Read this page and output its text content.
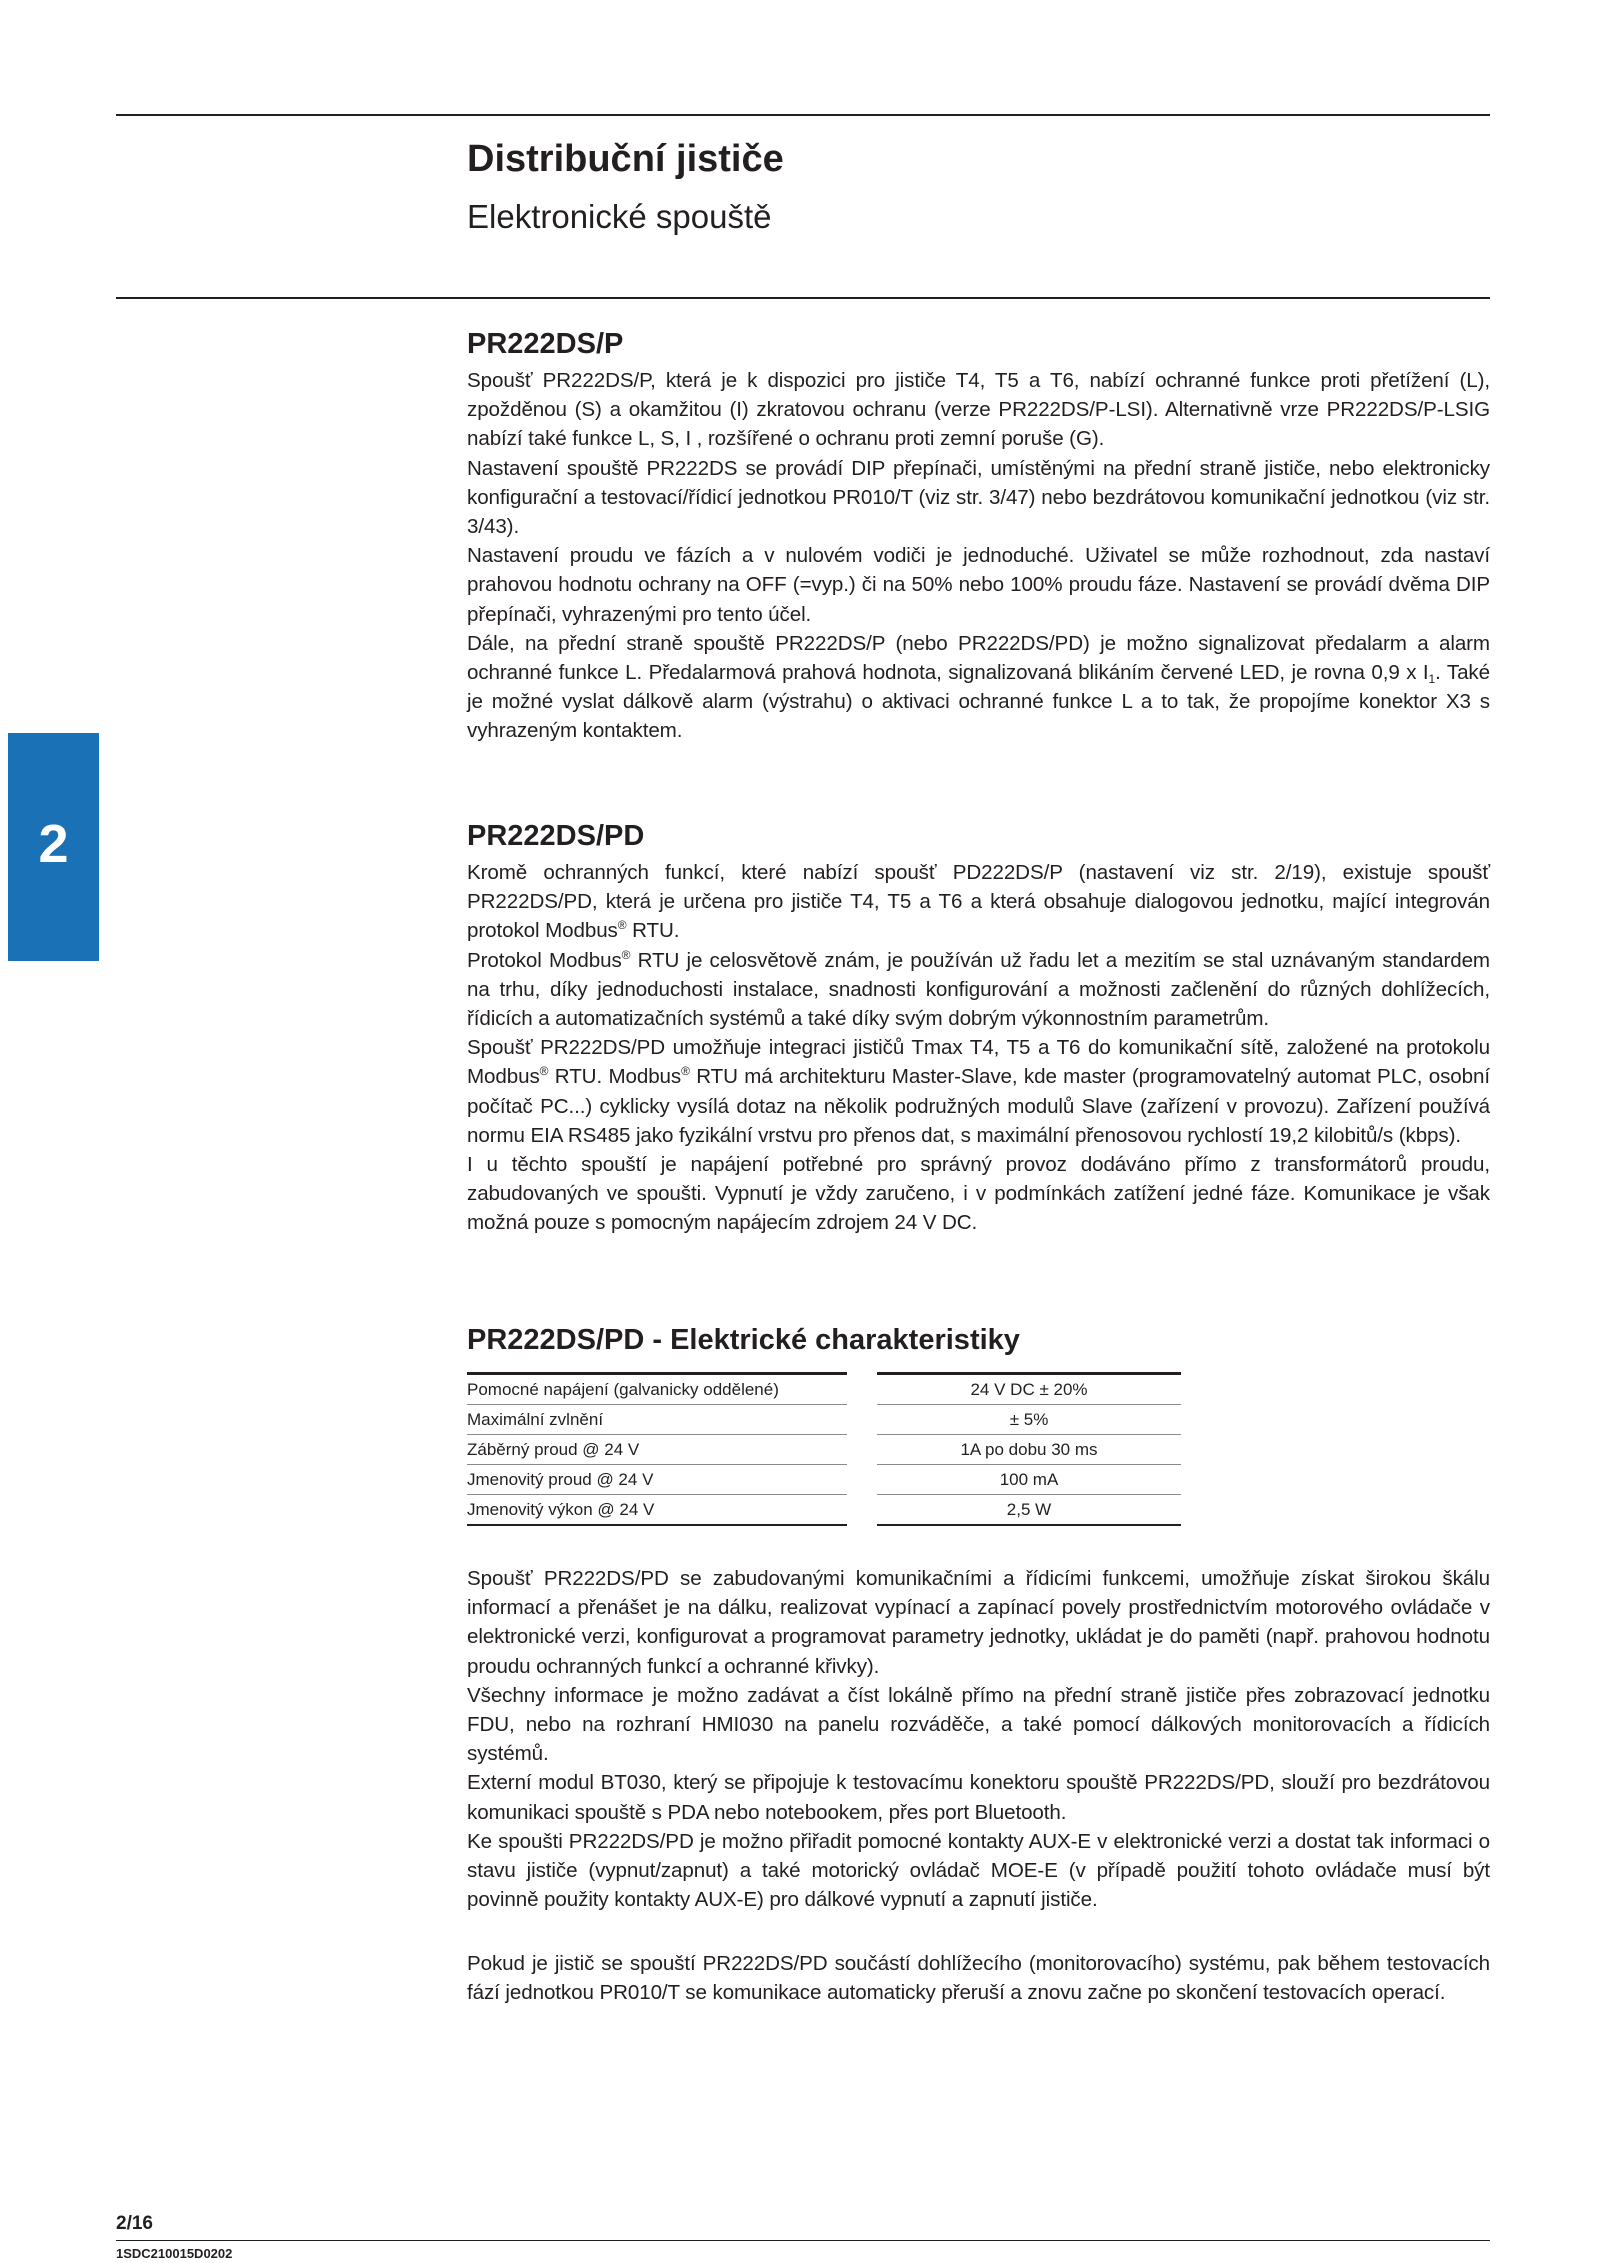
Distribuční jističe
Elektronické spouště
2
PR222DS/P

Spoušť PR222DS/P, která je k dispozici pro jističe T4, T5 a T6, nabízí ochranné funkce proti přetížení (L), zpožděnou (S) a okamžitou (I) zkratovou ochranu (verze PR222DS/P-LSI). Alternativně vrze PR222DS/P-LSIG nabízí také funkce L, S, I , rozšířené o ochranu proti zemní poruše (G).

Nastavení spouště PR222DS se provádí DIP přepínači, umístěnými na přední straně jističe, nebo elektronicky konfigurační a testovací/řídicí jednotkou PR010/T (viz str. 3/47) nebo bezdrátovou komunikační jednotkou (viz str. 3/43).

Nastavení proudu ve fázích a v nulovém vodiči je jednoduché. Uživatel se může rozhodnout, zda nastaví prahovou hodnotu ochrany na OFF (=vyp.) či na 50% nebo 100% proudu fáze. Nastavení se provádí dvěma DIP přepínači, vyhrazenými pro tento účel.

Dále, na přední straně spouště PR222DS/P (nebo PR222DS/PD) je možno signalizovat předalarm a alarm ochranné funkce L. Předalarmová prahová hodnota, signalizovaná blikáním červené LED, je rovna 0,9 x $I_1$. Také je možné vyslat dálkově alarm (výstrahu) o aktivaci ochranné funkce L a to tak, že propojíme konektor X3 s vyhrazeným kontaktem.

PR222DS/PD

Kromě ochranných funkcí, které nabízí spoušť PD222DS/P (nastavení viz str. 2/19), existuje spoušť PR222DS/PD, která je určena pro jističe T4, T5 a T6 a která obsahuje dialogovou jednotku, mající integrován protokol Modbus® RTU.

Protokol Modbus® RTU je celosvětově znám, je používán už řadu let a mezitím se stal uznávaným standardem na trhu, díky jednoduchosti instalace, snadnosti konfigurování a možnosti začlenění do různých dohlížecích, řídicích a automatizačních systémů a také díky svým dobrým výkonnostním parametrům.

Spoušť PR222DS/PD umožňuje integraci jističů Tmax T4, T5 a T6 do komunikační sítě, založené na protokolu Modbus® RTU. Modbus® RTU má architekturu Master-Slave, kde master (programovatelný automat PLC, osobní počítač PC...) cyklicky vysílá dotaz na několik podružných modulů Slave (zařízení v provozu). Zařízení používá normu EIA RS485 jako fyzikální vrstvu pro přenos dat, s maximální přenosovou rychlostí 19,2 kilobitů/s (kbps).

I u těchto spouští je napájení potřebné pro správný provoz dodáváno přímo z transformátorů proudu, zabudovaných ve spoušti. Vypnutí je vždy zaručeno, i v podmínkách zatížení jedné fáze. Komunikace je však možná pouze s pomocným napájecím zdrojem 24 V DC.

PR222DS/PD - Elektrické charakteristiky
Pomocné napájení (galvanicky oddělené)
Maximální zvlnění
Záběrný proud @ 24 V
Jmenovitý proud @ 24 V
Jmenovitý výkon @ 24 V
24 V DC ± 20%
± 5%
1A po dobu 30 ms
100 mA
2,5 W

Spoušť PR222DS/PD se zabudovanými komunikačními a řídicími funkcemi, umožňuje získat širokou škálu informací a přenášet je na dálku, realizovat vypínací a zapínací povely prostřednictvím motorového ovládače v elektronické verzi, konfigurovat a programovat parametry jednotky, ukládat je do paměti (např. prahovou hodnotu proudu ochranných funkcí a ochranné křivky).

Všechny informace je možno zadávat a číst lokálně přímo na přední straně jističe přes zobrazovací jednotku FDU, nebo na rozhraní HMI030 na panelu rozváděče, a také pomocí dálkových monitorovacích a řídicích systémů.

Externí modul BT030, který se připojuje k testovacímu konektoru spouště PR222DS/PD, slouží pro bezdrátovou komunikaci spouště s PDA nebo notebookem, přes port Bluetooth.

Ke spoušti PR222DS/PD je možno přiřadit pomocné kontakty AUX-E v elektronické verzi a dostat tak informaci o stavu jističe (vypnut/zapnut) a také motorický ovládač MOE-E (v případě použití tohoto ovládače musí být povinně použity kontakty AUX-E) pro dálkové vypnutí a zapnutí jističe.

Pokud je jistič se spouští PR222DS/PD součástí dohlížecího (monitorovacího) systému, pak během testovacích fází jednotkou PR010/T se komunikace automaticky přeruší a znovu začne po skončení testovacích operací.

2/16
1SDC210015D0202
